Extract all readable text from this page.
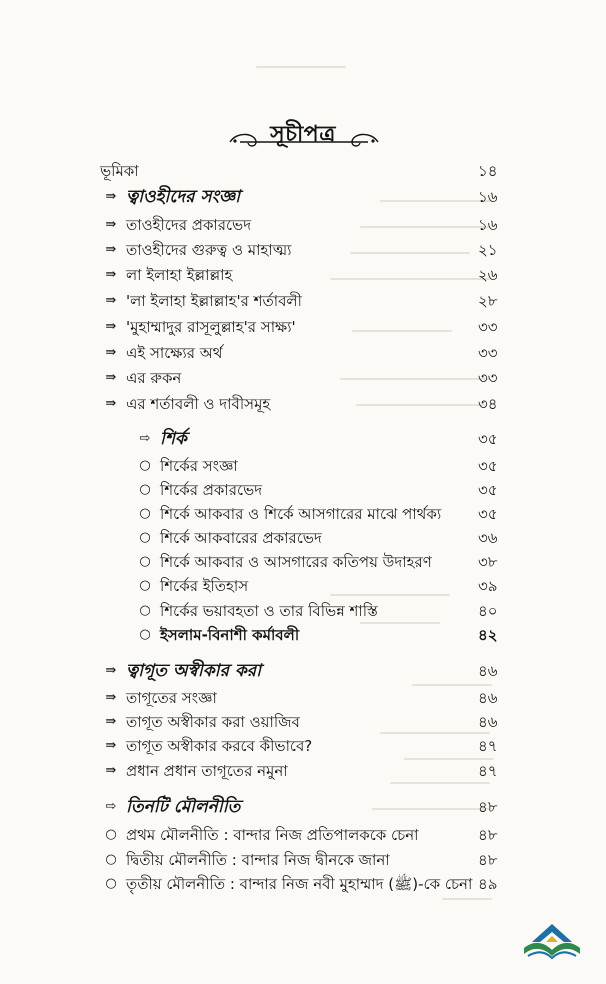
সূচীপত্র
ভূমিকা	১৪
⇛ ত্বাওহীদের সংজ্ঞা	১৬
⇛ তাওহীদের প্রকারভেদ	১৬
⇛ তাওহীদের গুরুত্ব ও মাহাত্ম্য	২১
⇛ লা ইলাহা ইল্লাল্লাহ	২৬
⇛ 'লা ইলাহা ইল্লাল্লাহ'র শর্তাবলী	২৮
⇛ 'মুহাম্মাদুর রাসূলুল্লাহ'র সাক্ষ্য'	৩৩
⇛ এই সাক্ষ্যের অর্থ	৩৩
⇛ এর রুকন	৩৩
⇛ এর শর্তাবলী ও দাবীসমূহ	৩৪
⇨ শির্ক	৩৫
○ শির্কের সংজ্ঞা	৩৫
○ শির্কের প্রকারভেদ	৩৫
○ শির্কে আকবার ও শির্কে আসগারের মাঝে পার্থক্য ৩৫
○ শির্কে আকবারের প্রকারভেদ	৩৬
○ শির্কে আকবার ও আসগারের কতিপয় উদাহরণ	৩৮
○ শির্কের ইতিহাস	৩৯
○ শির্কের ভয়াবহতা ও তার বিভিন্ন শাস্তি	৪০
○ ইসলাম-বিনাশী কর্মাবলী	৪২
⇛ ত্বাগূত অস্বীকার করা	৪৬
⇛ তাগূতের সংজ্ঞা	৪৬
⇛ তাগূত অস্বীকার করা ওয়াজিব	৪৬
⇛ তাগূত অস্বীকার করবে কীভাবে?	৪৭
⇛ প্রধান প্রধান তাগূতের নমুনা	৪৭
⇨ তিনটি মৌলনীতি	৪৮
○ প্রথম মৌলনীতি : বান্দার নিজ প্রতিপালককে চেনা	৪৮
○ দ্বিতীয় মৌলনীতি : বান্দার নিজ দ্বীনকে জানা	৪৮
○ তৃতীয় মৌলনীতি : বান্দার নিজ নবী মুহাম্মাদ (ﷺ)-কে চেনা ৪৯
